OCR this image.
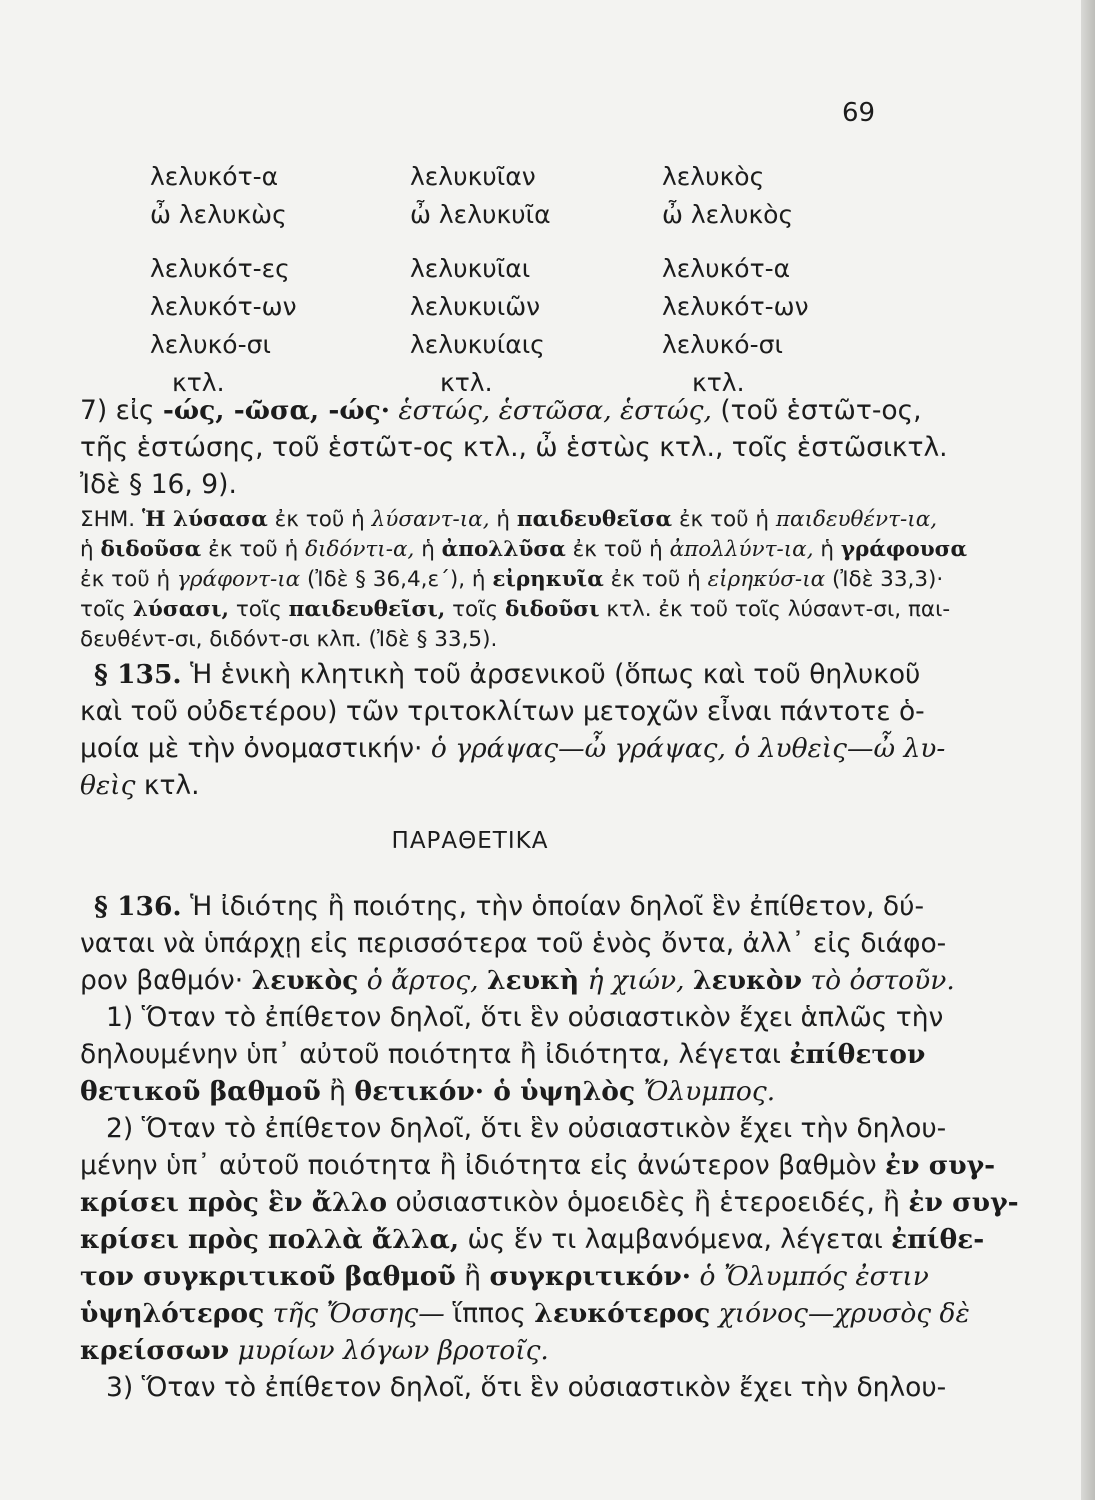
69
λελυκότ-α
ὦ λελυκὼς
λελυκότ-ες
λελυκότ-ων
λελυκό-σι
κτλ.
λελυκυῖαν
ὦ λελυκυῖα
λελυκυῖαι
λελυκυιῶν
λελυκυίαις
κτλ.
λελυκὸς
ὦ λελυκὸς
λελυκότ-α
λελυκότ-ων
λελυκό-σι
κτλ.
7) εἰς -ώς, -ῶσα, -ώς· ἑστώς, ἑστῶσα, ἑστώς, (τοῦ ἑστῶτ-ος,
τῆς ἑστώσης, τοῦ ἑστῶτ-ος κτλ., ὦ ἑστὼς κτλ., τοῖς ἑστῶσικτλ.
Ἰδὲ § 16, 9).
ΣΗΜ. Ἡ λύσασα ἐκ τοῦ ἡ λύσαντ-ια, ἡ παιδευθεῖσα ἐκ τοῦ ἡ παιδευθέντ-ια,
ἡ διδοῦσα ἐκ τοῦ ἡ διδόντι-α, ἡ ἀπολλῦσα ἐκ τοῦ ἡ ἀπολλύντ-ια, ἡ γράφουσα
ἐκ τοῦ ἡ γράφοντ-ια (Ἰδὲ § 36,4,ε΄), ἡ εἰρηκυῖα ἐκ τοῦ ἡ εἰρηκύσ-ια (Ἰδὲ 33,3)·
τοῖς λύσασι, τοῖς παιδευθεῖσι, τοῖς διδοῦσι κτλ. ἐκ τοῦ τοῖς λύσαντ-σι, παι-
δευθέντ-σι, διδόντ-σι κλπ. (Ἰδὲ § 33,5).
§ 135. Ἡ ἑνικὴ κλητικὴ τοῦ ἀρσενικοῦ (ὅπως καὶ τοῦ θηλυκοῦ
καὶ τοῦ οὐδετέρου) τῶν τριτοκλίτων μετοχῶν εἶναι πάντοτε ὁ-
μοία μὲ τὴν ὀνομαστικήν· ὁ γράψας—ὦ γράψας, ὁ λυθεὶς—ὦ λυ-
θεὶς κτλ.
ΠΑΡΑΘΕΤΙΚΑ
§ 136. Ἡ ἰδιότης ἢ ποιότης, τὴν ὁποίαν δηλοῖ ἓν ἐπίθετον, δύ-
ναται νὰ ὑπάρχῃ εἰς περισσότερα τοῦ ἑνὸς ὄντα, ἀλλ᾽ εἰς διάφο-
ρον βαθμόν· λευκὸς ὁ ἄρτος, λευκὴ ἡ χιών, λευκὸν τὸ ὀστοῦν.
1) Ὅταν τὸ ἐπίθετον δηλοῖ, ὅτι ἓν οὐσιαστικὸν ἔχει ἁπλῶς τὴν
δηλουμένην ὑπ᾽ αὐτοῦ ποιότητα ἢ ἰδιότητα, λέγεται ἐπίθετον
θετικοῦ βαθμοῦ ἢ θετικόν· ὁ ὑψηλὸς Ὄλυμπος.
2) Ὅταν τὸ ἐπίθετον δηλοῖ, ὅτι ἓν οὐσιαστικὸν ἔχει τὴν δηλου-
μένην ὑπ᾽ αὐτοῦ ποιότητα ἢ ἰδιότητα εἰς ἀνώτερον βαθμὸν ἐν συγ-
κρίσει πρὸς ἓν ἄλλο οὐσιαστικὸν ὁμοειδὲς ἢ ἑτεροειδές, ἢ ἐν συγ-
κρίσει πρὸς πολλὰ ἄλλα, ὡς ἕν τι λαμβανόμενα, λέγεται ἐπίθε-
τον συγκριτικοῦ βαθμοῦ ἢ συγκριτικόν· ὁ Ὄλυμπός ἐστιν
ὑψηλότερος τῆς Ὄσσης— ἵππος λευκότερος χιόνος—χρυσὸς δὲ
κρείσσων μυρίων λόγων βροτοῖς.
3) Ὅταν τὸ ἐπίθετον δηλοῖ, ὅτι ἓν οὐσιαστικὸν ἔχει τὴν δηλου-
